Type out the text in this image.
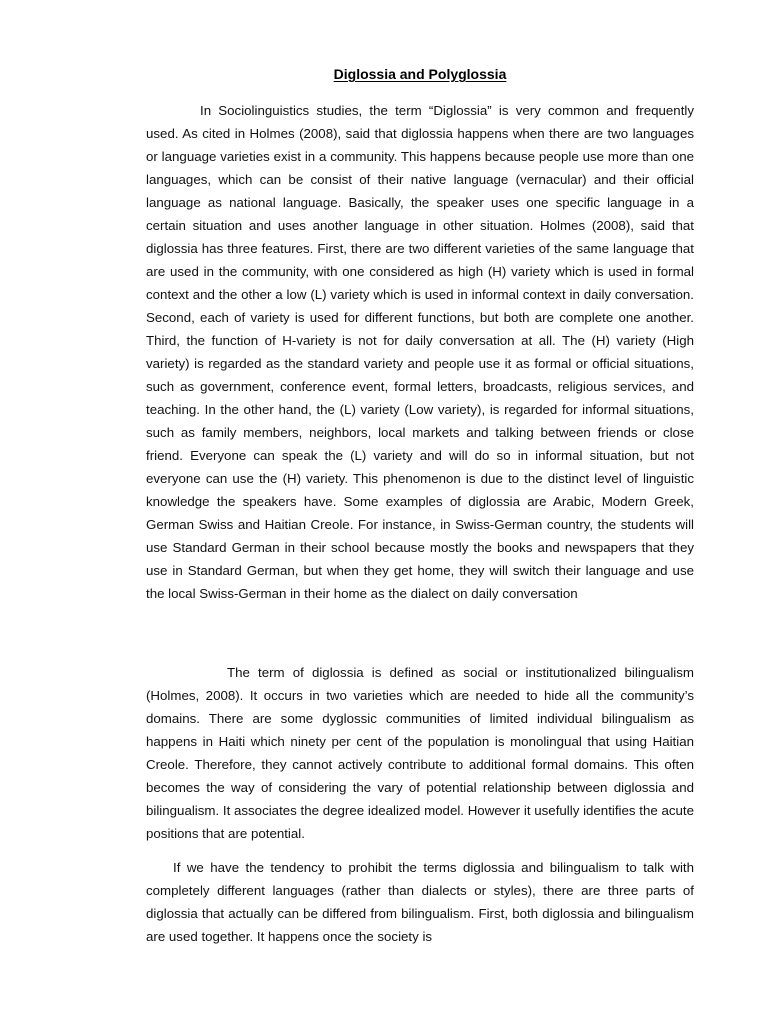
Diglossia and Polyglossia

In Sociolinguistics studies, the term “Diglossia” is very common and frequently used. As cited in Holmes (2008), said that diglossia happens when there are two languages or language varieties exist in a community. This happens because people use more than one languages, which can be consist of their native language (vernacular) and their official language as national language. Basically, the speaker uses one specific language in a certain situation and uses another language in other situation. Holmes (2008), said that diglossia has three features. First, there are two different varieties of the same language that are used in the community, with one considered as high (H) variety which is used in formal context and the other a low (L) variety which is used in informal context in daily conversation. Second, each of variety is used for different functions, but both are complete one another. Third, the function of H-variety is not for daily conversation at all. The (H) variety (High variety) is regarded as the standard variety and people use it as formal or official situations, such as government, conference event, formal letters, broadcasts, religious services, and teaching. In the other hand, the (L) variety (Low variety), is regarded for informal situations, such as family members, neighbors, local markets and talking between friends or close friend. Everyone can speak the (L) variety and will do so in informal situation, but not everyone can use the (H) variety. This phenomenon is due to the distinct level of linguistic knowledge the speakers have. Some examples of diglossia are Arabic, Modern Greek, German Swiss and Haitian Creole. For instance, in Swiss-German country, the students will use Standard German in their school because mostly the books and newspapers that they use in Standard German, but when they get home, they will switch their language and use the local Swiss-German in their home as the dialect on daily conversation

The term of diglossia is defined as social or institutionalized bilingualism (Holmes, 2008). It occurs in two varieties which are needed to hide all the community’s domains. There are some dyglossic communities of limited individual bilingualism as happens in Haiti which ninety per cent of the population is monolingual that using Haitian Creole. Therefore, they cannot actively contribute to additional formal domains. This often becomes the way of considering the vary of potential relationship between diglossia and bilingualism. It associates the degree idealized model. However it usefully identifies the acute positions that are potential.

If we have the tendency to prohibit the terms diglossia and bilingualism to talk with completely different languages (rather than dialects or styles), there are three parts of diglossia that actually can be differed from bilingualism. First, both diglossia and bilingualism are used together. It happens once the society is
